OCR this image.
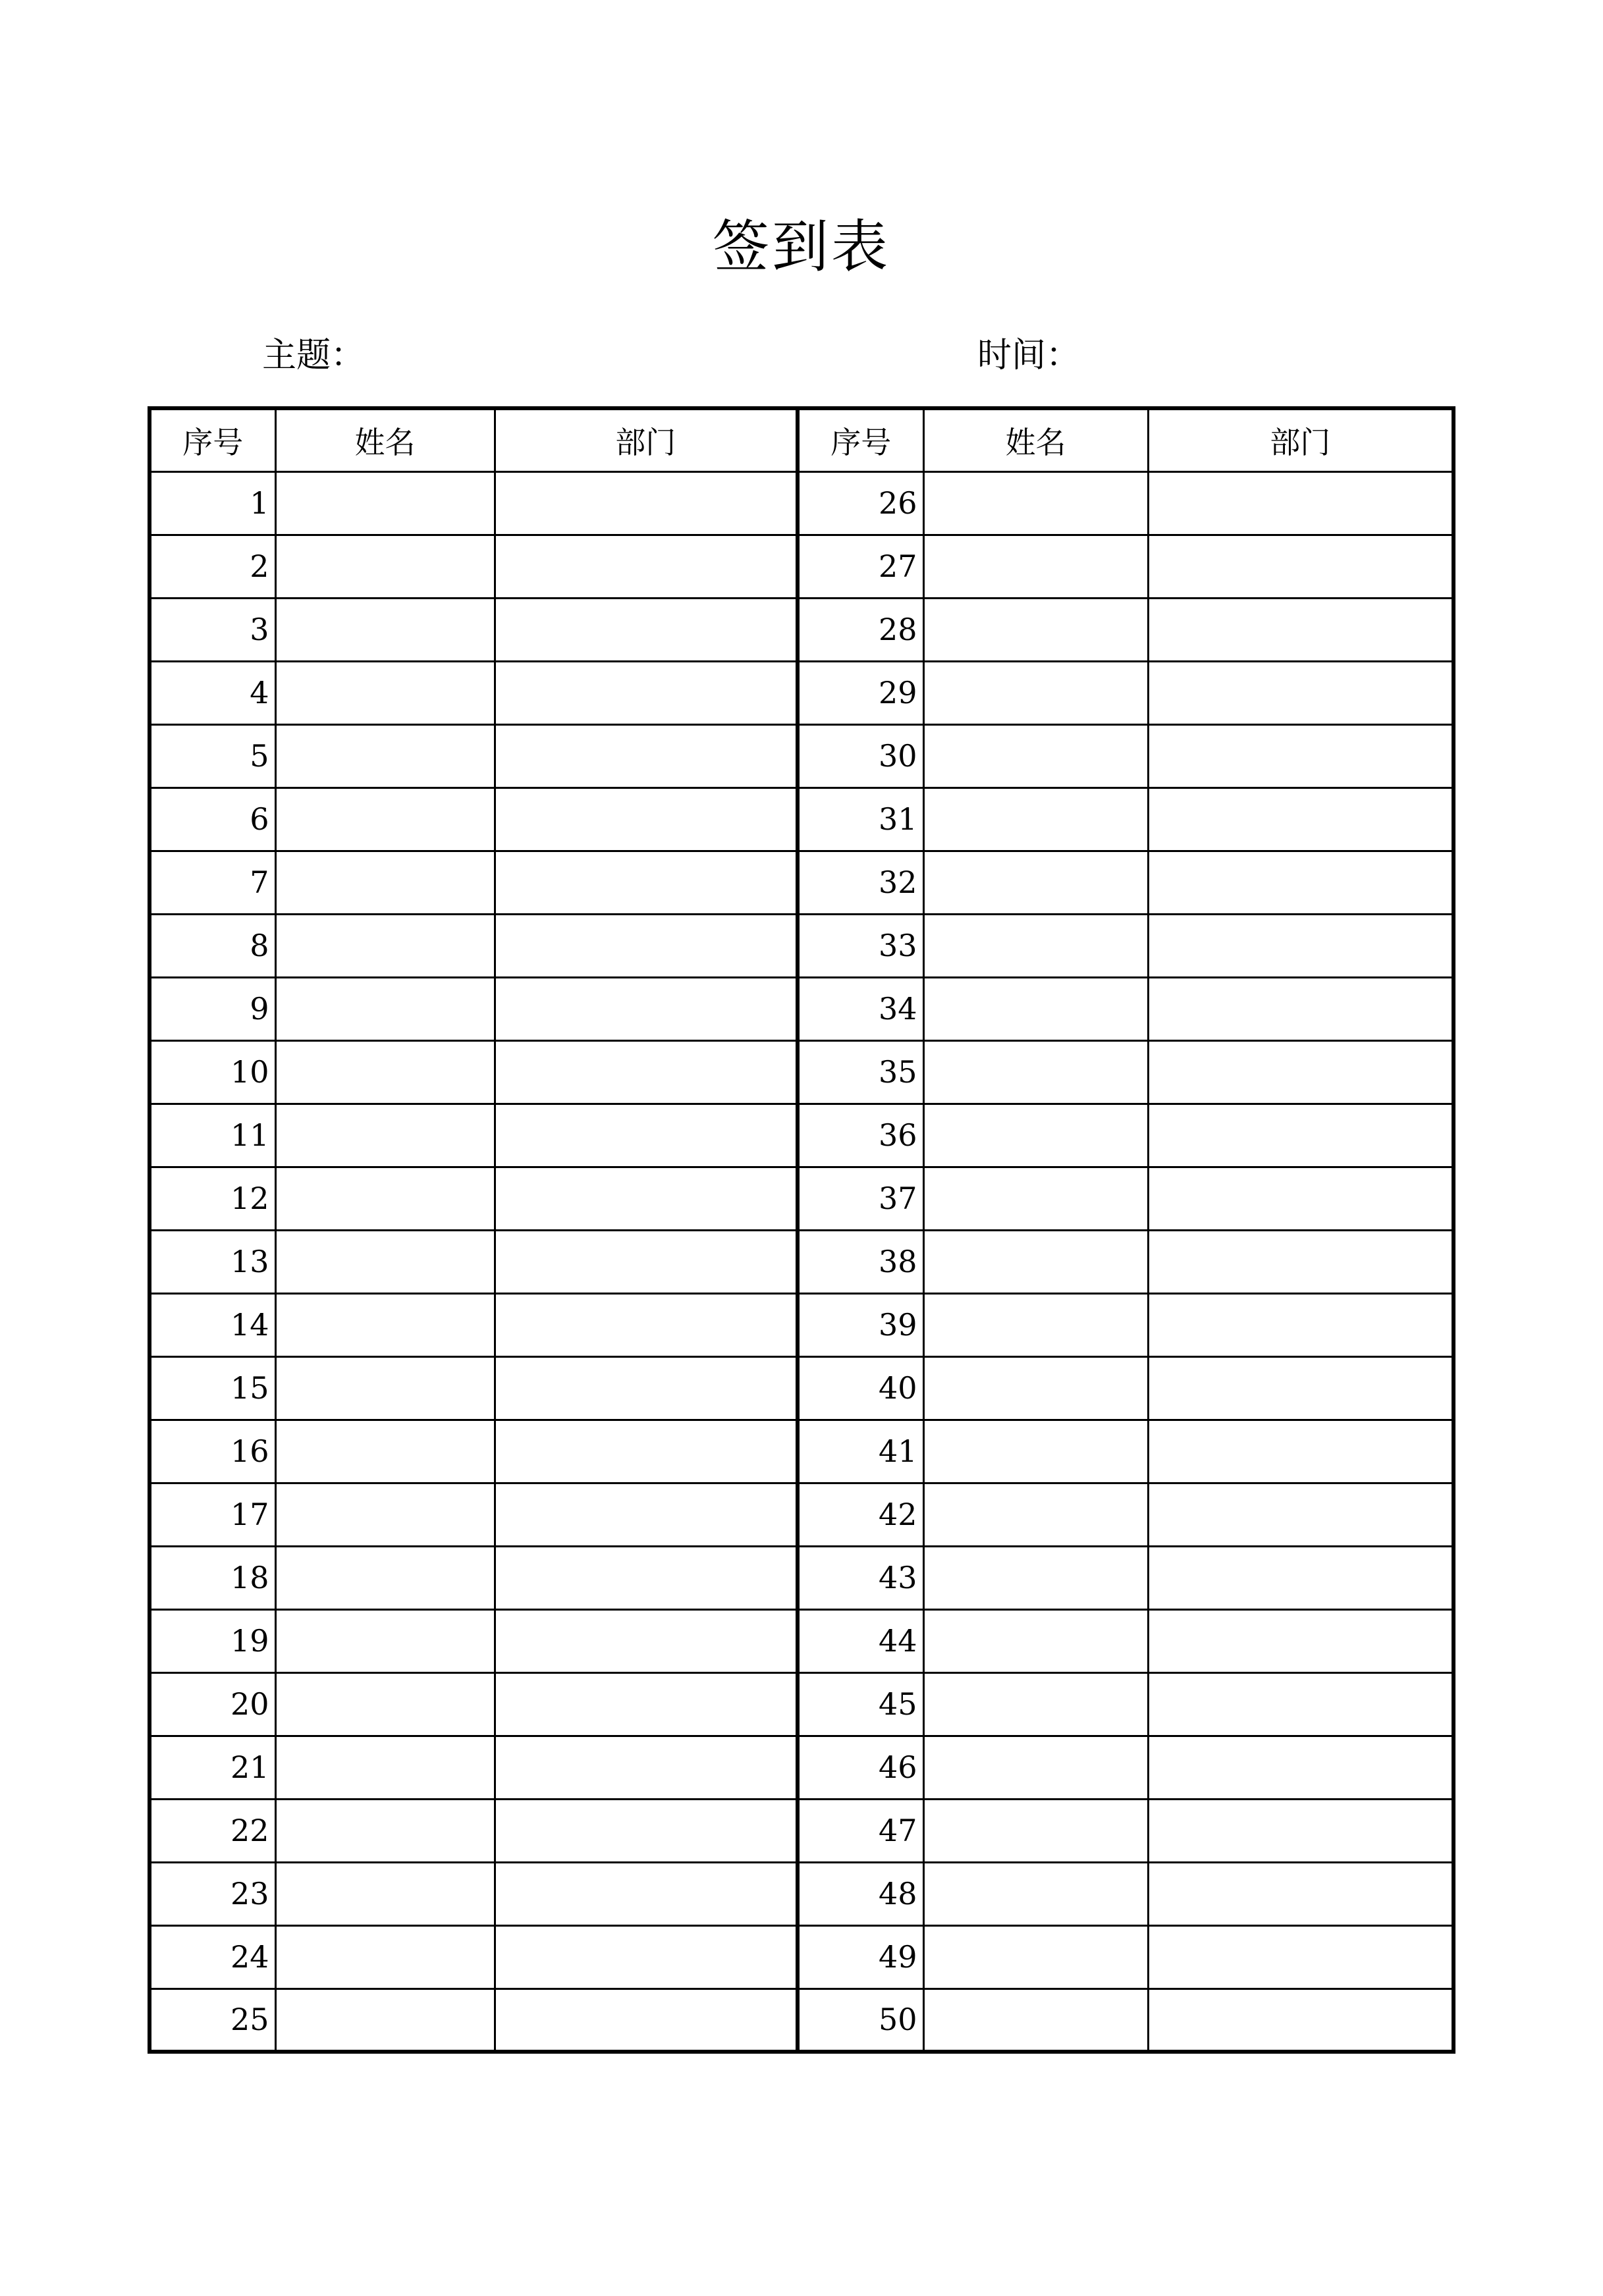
签到表
主题：	时间：
序号	姓名	部门	序号	姓名	部门
1			26		
2			27		
3			28		
4			29		
5			30		
6			31		
7			32		
8			33		
9			34		
10			35		
11			36		
12			37		
13			38		
14			39		
15			40		
16			41		
17			42		
18			43		
19			44		
20			45		
21			46		
22			47		
23			48		
24			49		
25			50		
